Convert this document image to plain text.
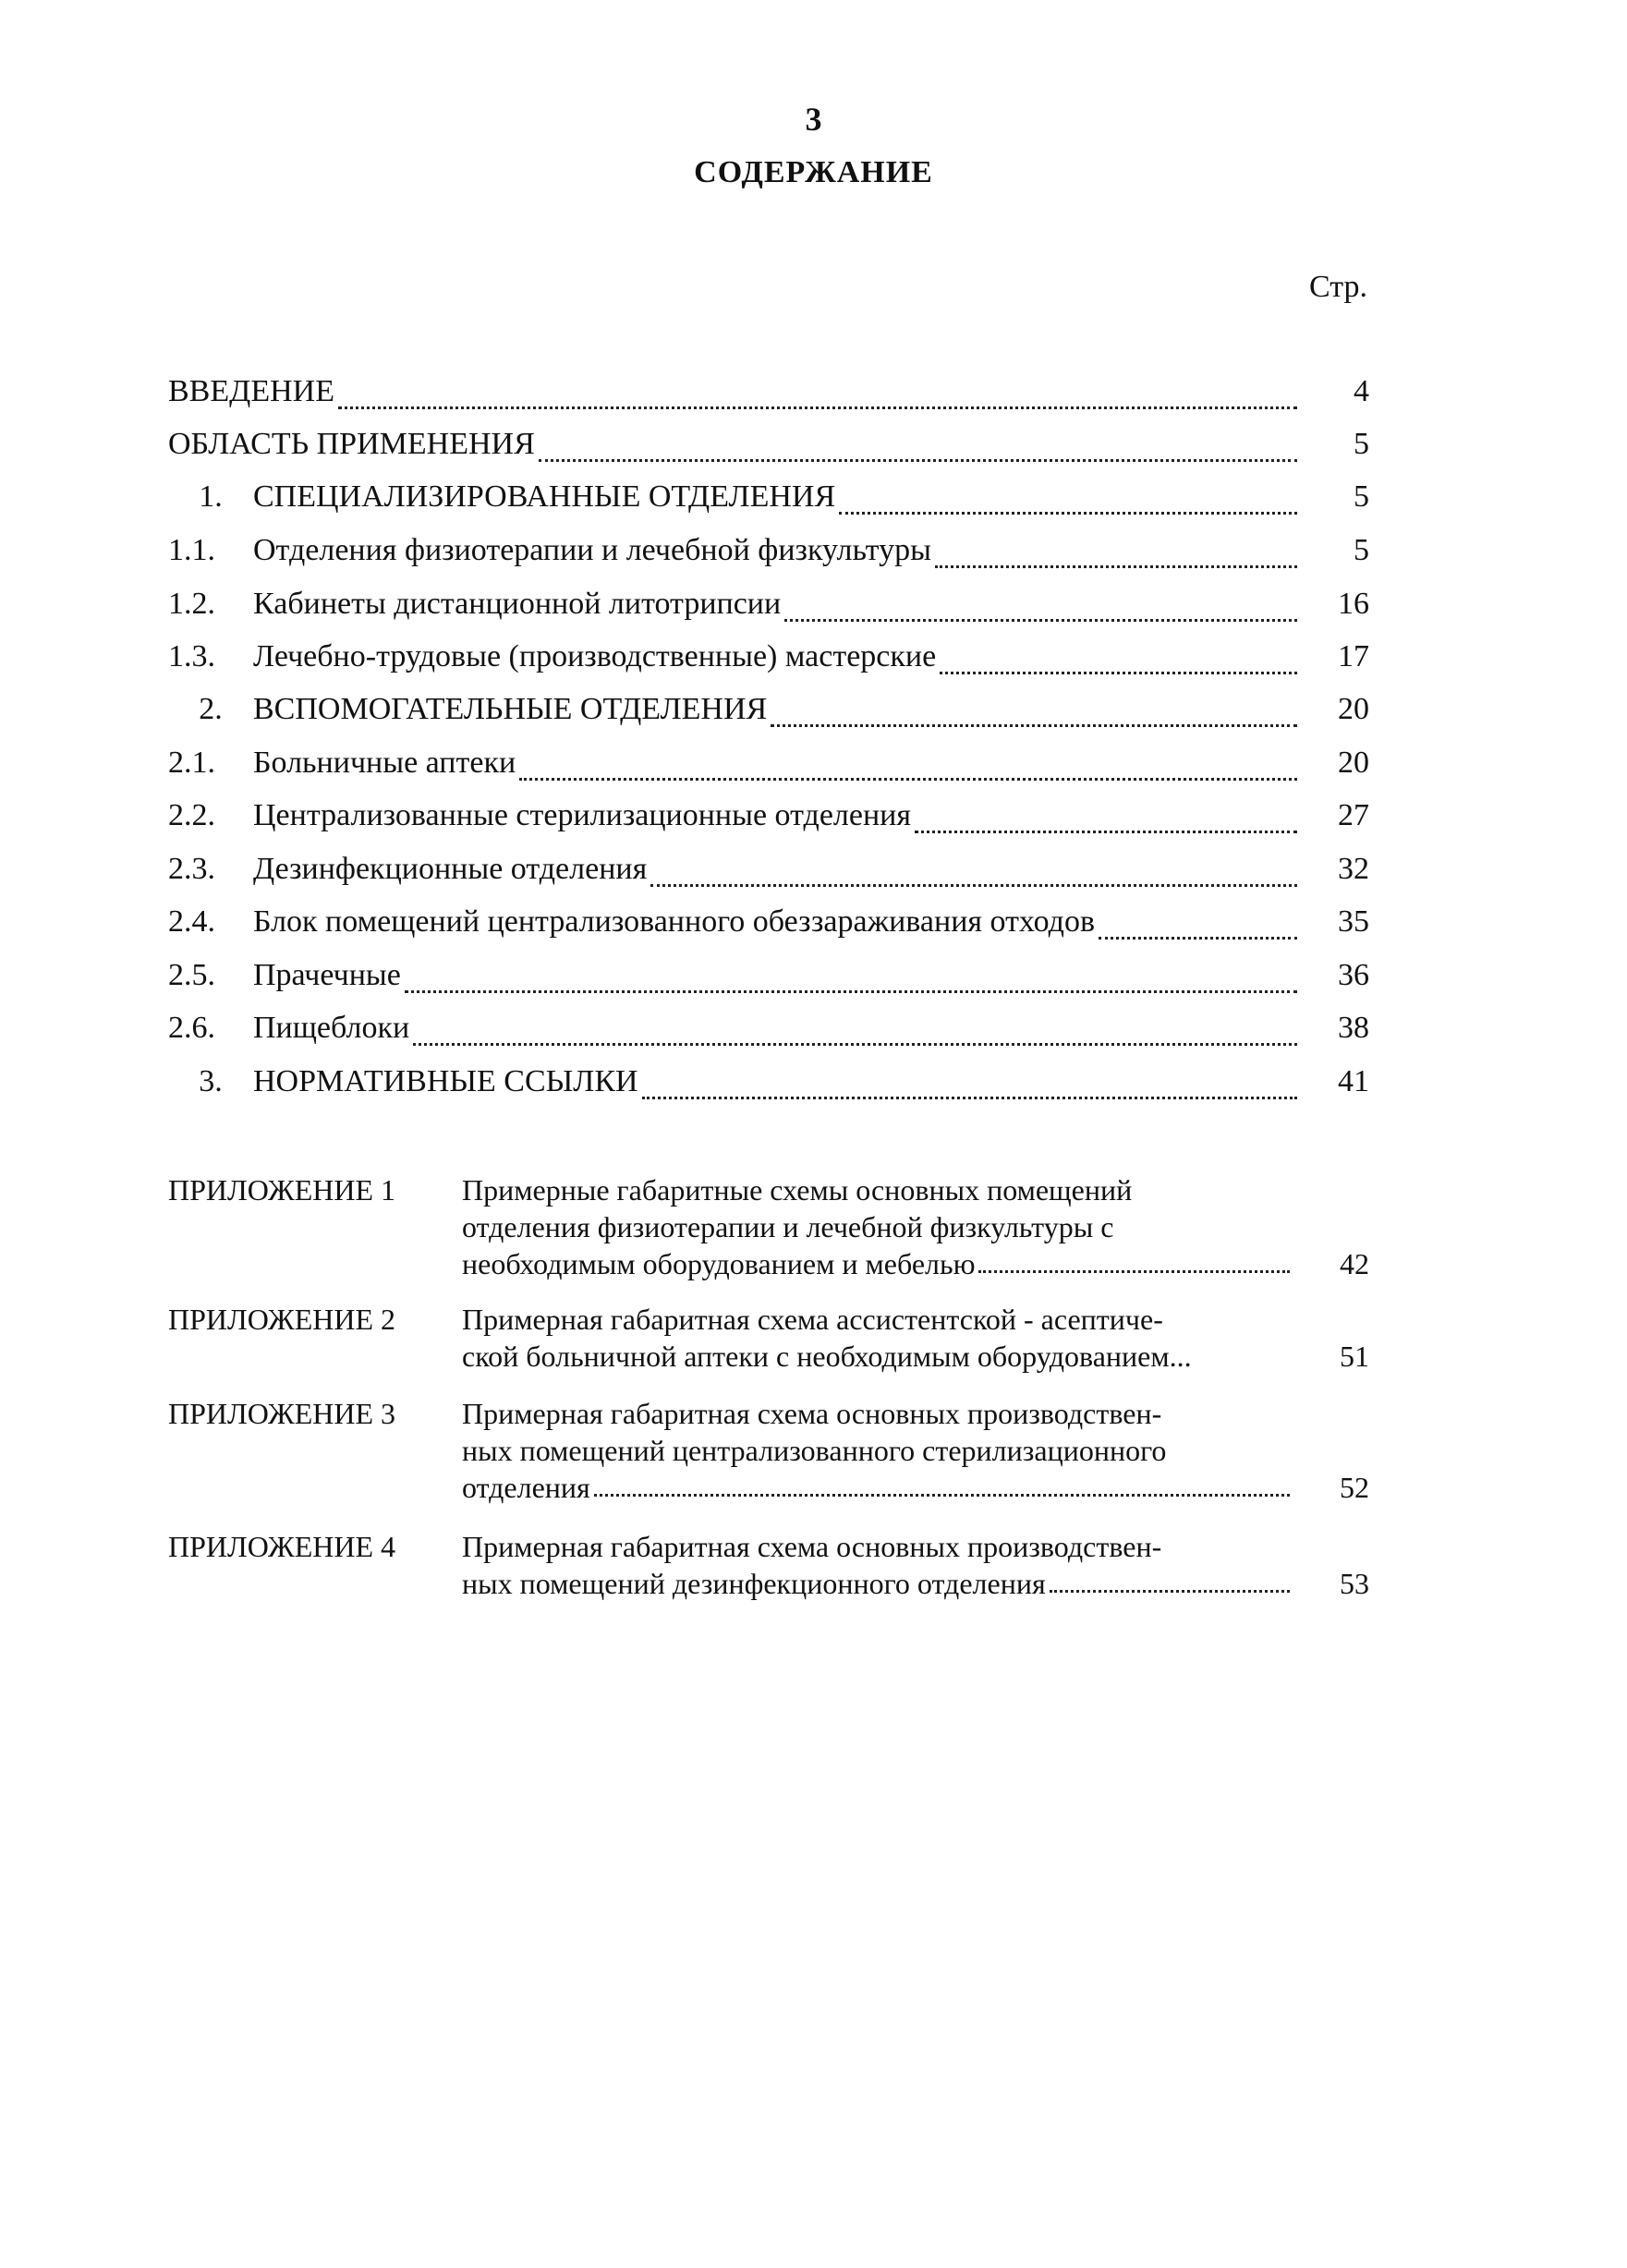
3
СОДЕРЖАНИЕ
Стр.
ВВЕДЕНИЕ	4
ОБЛАСТЬ ПРИМЕНЕНИЯ	5
1. СПЕЦИАЛИЗИРОВАННЫЕ ОТДЕЛЕНИЯ	5
1.1.	Отделения физиотерапии и лечебной физкультуры	5
1.2.	Кабинеты дистанционной литотрипсии	16
1.3.	Лечебно-трудовые (производственные) мастерские	17
2. ВСПОМОГАТЕЛЬНЫЕ ОТДЕЛЕНИЯ	20
2.1.	Больничные аптеки	20
2.2.	Централизованные стерилизационные отделения	27
2.3.	Дезинфекционные отделения	32
2.4.	Блок помещений централизованного обеззараживания отходов	35
2.5.	Прачечные	36
2.6.	Пищеблоки	38
3. НОРМАТИВНЫЕ ССЫЛКИ	41
ПРИЛОЖЕНИЕ 1	Примерные габаритные схемы основных помещений
отделения физиотерапии и лечебной физкультуры с
необходимым оборудованием и мебелью	42
ПРИЛОЖЕНИЕ 2	Примерная габаритная схема ассистентской - асептиче-
ской больничной аптеки с необходимым оборудованием...	51
ПРИЛОЖЕНИЕ 3	Примерная габаритная схема основных производствен-
ных помещений централизованного стерилизационного
отделения	52
ПРИЛОЖЕНИЕ 4	Примерная габаритная схема основных производствен-
ных помещений дезинфекционного отделения	53
